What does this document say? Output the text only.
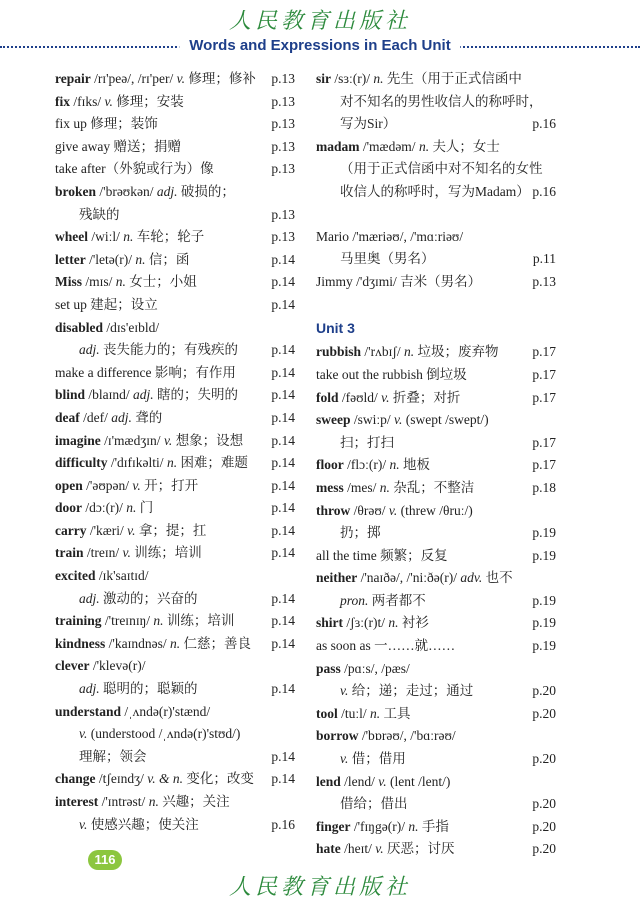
人民教育出版社
Words and Expressions in Each Unit
repair /rɪ'peə/, /rɪ'per/ v. 修理；修补 p.13
fix /fɪks/ v. 修理；安装	p.13
fix up 修理；装饰	p.13
give away 赠送；捐赠	p.13
take after（外貌或行为）像	p.13
broken /'brəʊkən/ adj. 破损的；
残缺的	p.13
wheel /wiːl/ n. 车轮；轮子	p.13
letter /'letə(r)/ n. 信；函	p.14
Miss /mɪs/ n. 女士；小姐	p.14
set up 建起；设立	p.14
disabled /dɪs'eɪbld/
adj. 丧失能力的；有残疾的 p.14
make a difference 影响；有作用	p.14
blind /blaɪnd/ adj. 瞎的；失明的 p.14
deaf /def/ adj. 聋的	p.14
imagine /ɪ'mædʒɪn/ v. 想象；设想 p.14
difficulty /'dɪfɪkəlti/ n. 困难；难题 p.14
open /'əʊpən/ v. 开；打开	p.14
door /dɔː(r)/ n. 门	p.14
carry /'kæri/ v. 拿；提；扛	p.14
train /treɪn/ v. 训练；培训	p.14
excited /ɪk'saɪtɪd/
adj. 激动的；兴奋的	p.14
training /'treɪnɪŋ/ n. 训练；培训	p.14
kindness /'kaɪndnəs/ n. 仁慈；善良 p.14
clever /'klevə(r)/
adj. 聪明的；聪颖的	p.14
understand /ˌʌndə(r)'stænd/
v. (understood /ˌʌndə(r)'stʊd/)
理解；领会	p.14
change /tʃeɪndʒ/ v. & n. 变化；改变 p.14
interest /'ɪntrəst/ n. 兴趣；关注
v. 使感兴趣；使关注	p.16
sir /sɜː(r)/ n. 先生（用于正式信函中
对不知名的男性收信人的称呼时，
写为Sir）	p.16
madam /'mædəm/ n. 夫人；女士
（用于正式信函中对不知名的女性
收信人的称呼时，写为Madam） p.16
Mario /'mæriəʊ/, /'mɑːriəʊ/
马里奥（男名）	p.11
Jimmy /'dʒɪmi/ 吉米（男名）	p.13
Unit 3
rubbish /'rʌbɪʃ/ n. 垃圾；废弃物	p.17
take out the rubbish 倒垃圾	p.17
fold /fəʊld/ v. 折叠；对折	p.17
sweep /swiːp/ v. (swept /swept/)
扫；打扫	p.17
floor /flɔː(r)/ n. 地板	p.17
mess /mes/ n. 杂乱；不整洁	p.18
throw /θrəʊ/ v. (threw /θruː/)
扔；掷	p.19
all the time 频繁；反复	p.19
neither /'naɪðə/, /'niːðə(r)/ adv. 也不
pron. 两者都不	p.19
shirt /ʃɜː(r)t/ n. 衬衫	p.19
as soon as 一……就……	p.19
pass /pɑːs/, /pæs/
v. 给；递；走过；通过	p.20
tool /tuːl/ n. 工具	p.20
borrow /'bɒrəʊ/, /'bɑːrəʊ/
v. 借；借用	p.20
lend /lend/ v. (lent /lent/)
借给；借出	p.20
finger /'fɪŋgə(r)/ n. 手指	p.20
hate /heɪt/ v. 厌恶；讨厌	p.20
116
人民教育出版社
